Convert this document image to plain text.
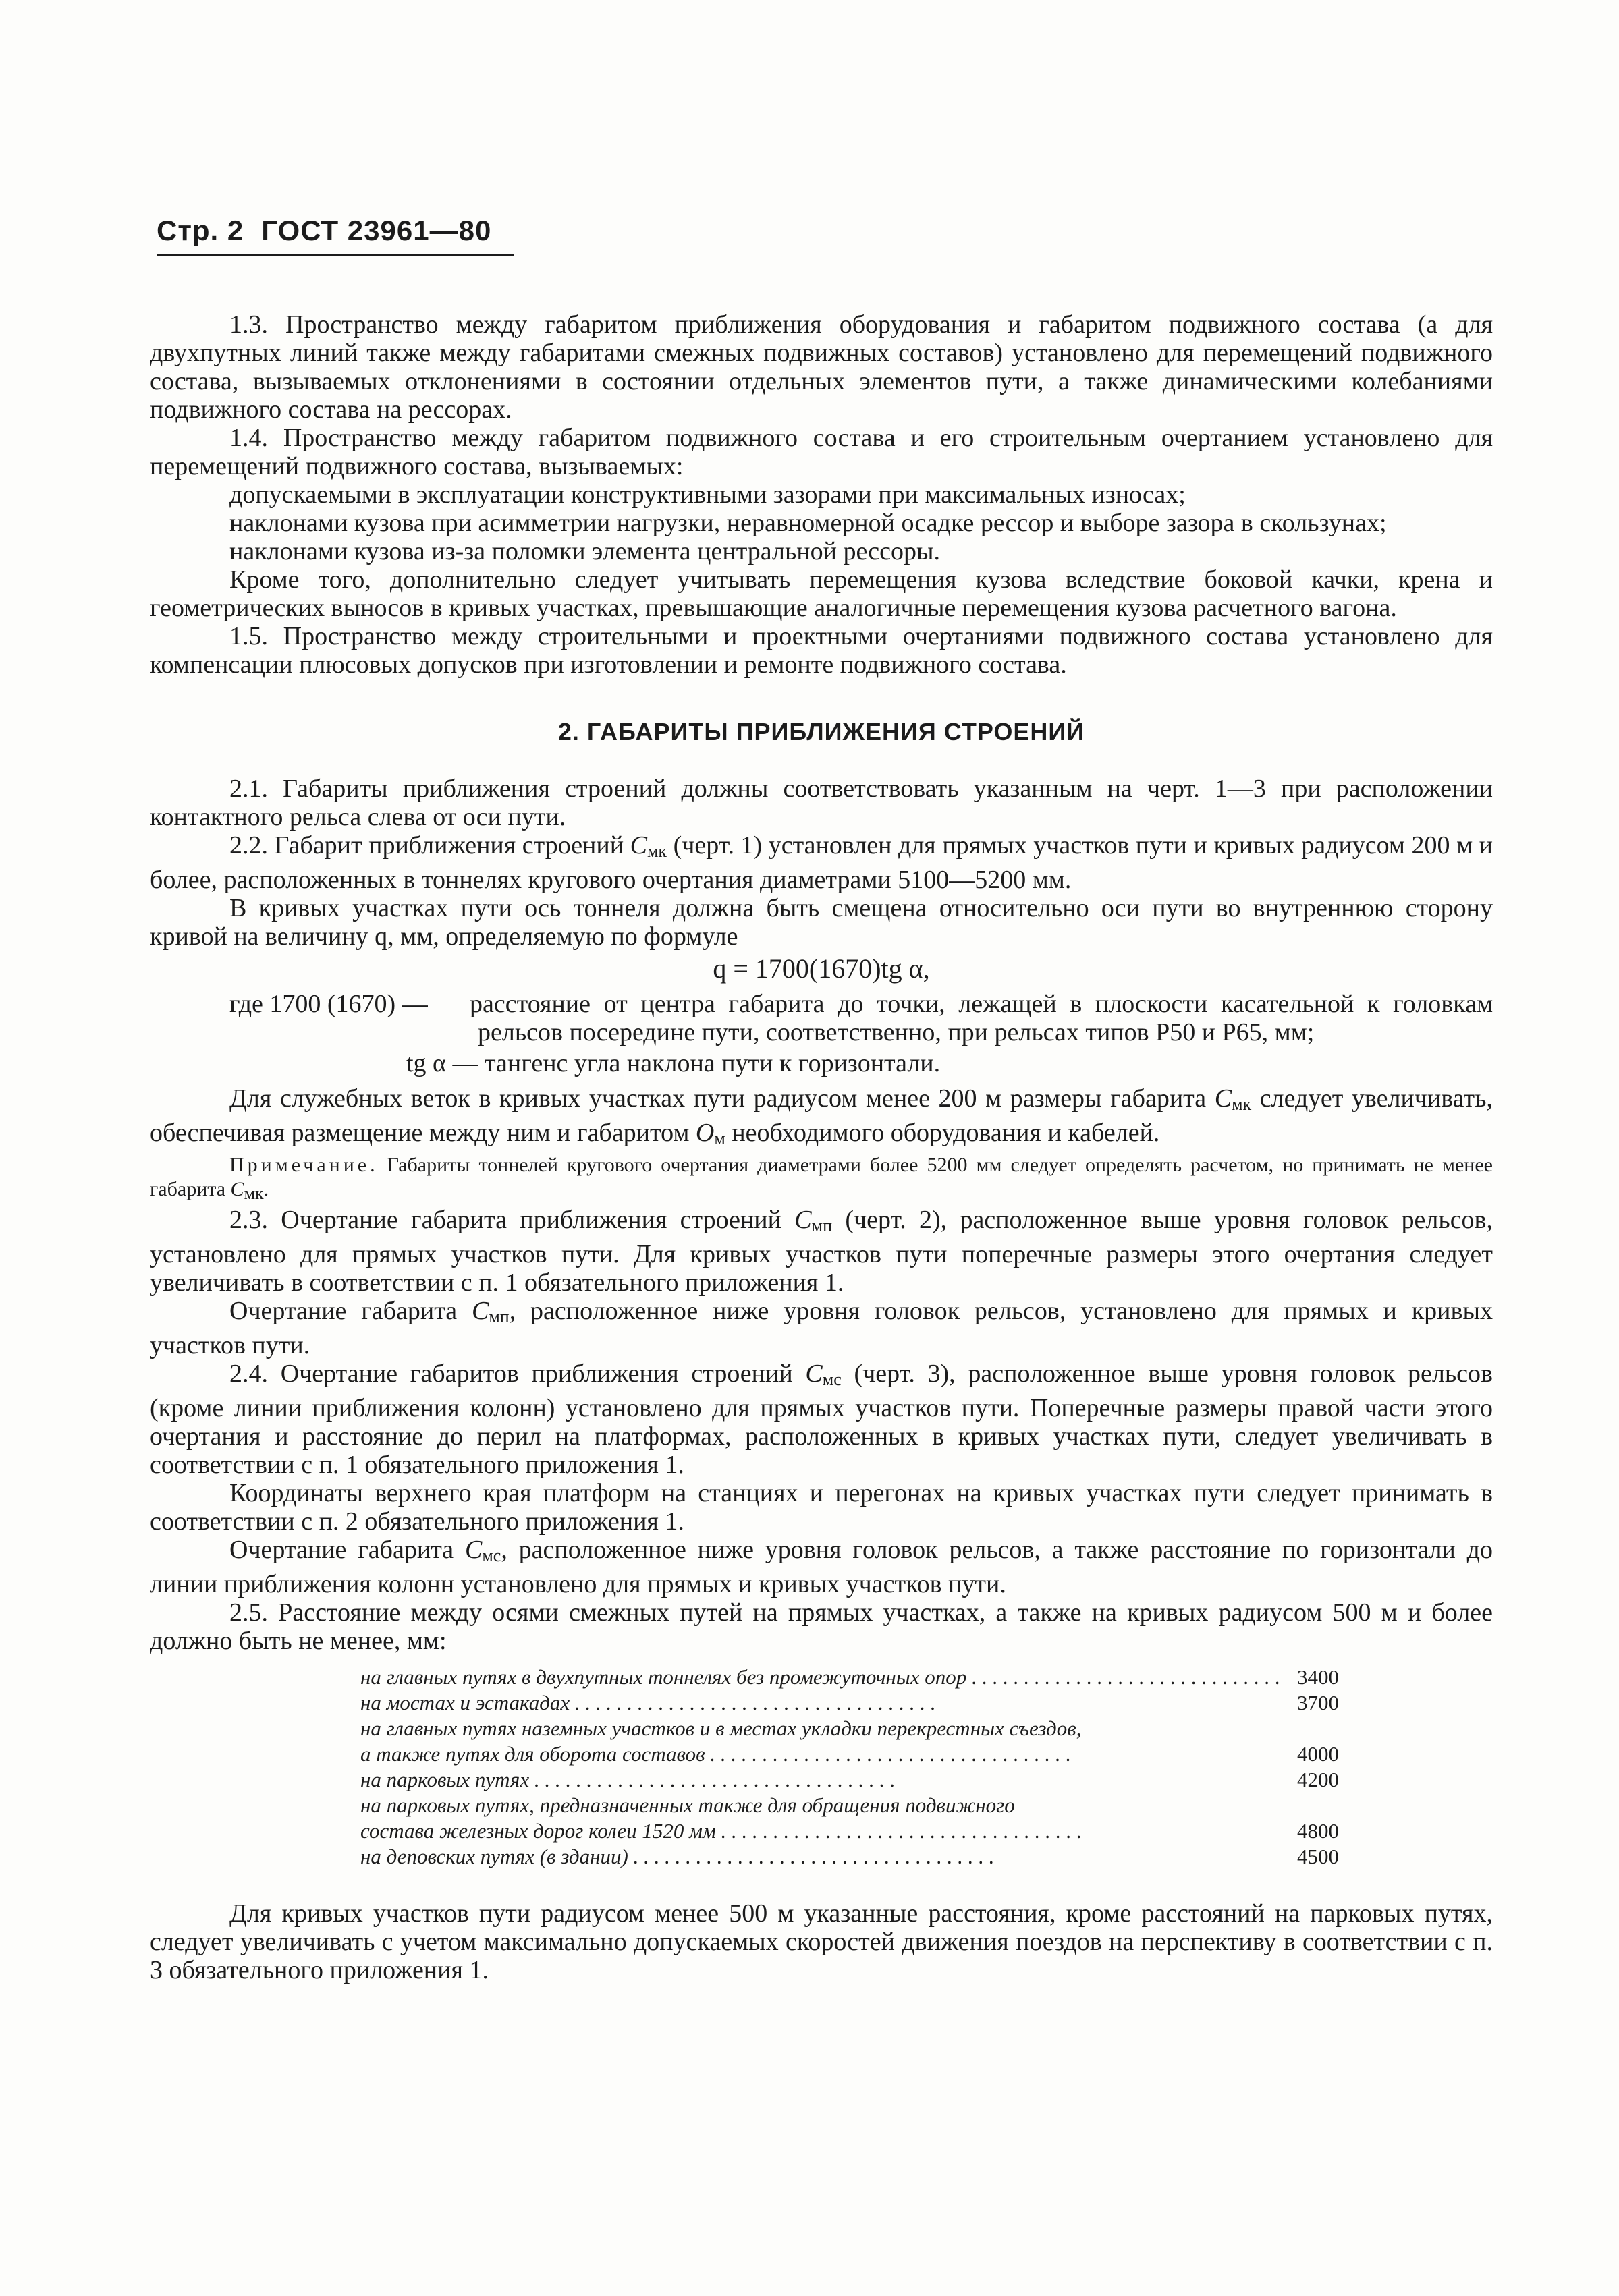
Стр. 2 ГОСТ 23961—80

1.3. Пространство между габаритом приближения оборудования и габаритом подвижного состава (а для двухпутных линий также между габаритами смежных подвижных составов) установлено для перемещений подвижного состава, вызываемых отклонениями в состоянии отдельных элементов пути, а также динамическими колебаниями подвижного состава на рессорах.

1.4. Пространство между габаритом подвижного состава и его строительным очертанием установлено для перемещений подвижного состава, вызываемых:

допускаемыми в эксплуатации конструктивными зазорами при максимальных износах;

наклонами кузова при асимметрии нагрузки, неравномерной осадке рессор и выборе зазора в скользунах;

наклонами кузова из-за поломки элемента центральной рессоры.

Кроме того, дополнительно следует учитывать перемещения кузова вследствие боковой качки, крена и геометрических выносов в кривых участках, превышающие аналогичные перемещения кузова расчетного вагона.

1.5. Пространство между строительными и проектными очертаниями подвижного состава установлено для компенсации плюсовых допусков при изготовлении и ремонте подвижного состава.

2. ГАБАРИТЫ ПРИБЛИЖЕНИЯ СТРОЕНИЙ

2.1. Габариты приближения строений должны соответствовать указанным на черт. 1—3 при расположении контактного рельса слева от оси пути.

2.2. Габарит приближения строений $С_{мк}$ (черт. 1) установлен для прямых участков пути и кривых радиусом 200 м и более, расположенных в тоннелях кругового очертания диаметрами 5100—5200 мм.

В кривых участках пути ось тоннеля должна быть смещена относительно оси пути во внутреннюю сторону кривой на величину q, мм, определяемую по формуле

q = 1700(1670)tg α,
где 1700 (1670) —	расстояние от центра габарита до точки, лежащей в плоскости касательной к головкам рельсов посередине пути, соответственно, при рельсах типов Р50 и Р65, мм;
tg α — тангенс угла наклона пути к горизонтали.

Для служебных веток в кривых участках пути радиусом менее 200 м размеры габарита $С_{мк}$ следует увеличивать, обеспечивая размещение между ним и габаритом $О_м$ необходимого оборудования и кабелей.

Примечание. Габариты тоннелей кругового очертания диаметрами более 5200 мм следует определять расчетом, но принимать не менее габарита $С_{мк}$.

2.3. Очертание габарита приближения строений $С_{мп}$ (черт. 2), расположенное выше уровня головок рельсов, установлено для прямых участков пути. Для кривых участков пути поперечные размеры этого очертания следует увеличивать в соответствии с п. 1 обязательного приложения 1.

Очертание габарита $С_{мп}$, расположенное ниже уровня головок рельсов, установлено для прямых и кривых участков пути.

2.4. Очертание габаритов приближения строений $С_{мс}$ (черт. 3), расположенное выше уровня головок рельсов (кроме линии приближения колонн) установлено для прямых участков пути. Поперечные размеры правой части этого очертания и расстояние до перил на платформах, расположенных в кривых участках пути, следует увеличивать в соответствии с п. 1 обязательного приложения 1.

Координаты верхнего края платформ на станциях и перегонах на кривых участках пути следует принимать в соответствии с п. 2 обязательного приложения 1.

Очертание габарита $С_{мс}$, расположенное ниже уровня головок рельсов, а также расстояние по горизонтали до линии приближения колонн установлено для прямых и кривых участков пути.

2.5. Расстояние между осями смежных путей на прямых участках, а также на кривых радиусом 500 м и более должно быть не менее, мм:

на главных путях в двухпутных тоннелях без промежуточных опор . . .	3400
на мостах и эстакадах . . .	3700
на главных путях наземных участков и в местах укладки перекрестных съездов,
а также путях для оборота составов . . .	4000
на парковых путях . . .	4200
на парковых путях, предназначенных также для обращения подвижного
состава железных дорог колеи 1520 мм . . .	4800
на деповских путях (в здании) . . .	4500

Для кривых участков пути радиусом менее 500 м указанные расстояния, кроме расстояний на парковых путях, следует увеличивать с учетом максимально допускаемых скоростей движения поездов на перспективу в соответствии с п. 3 обязательного приложения 1.
